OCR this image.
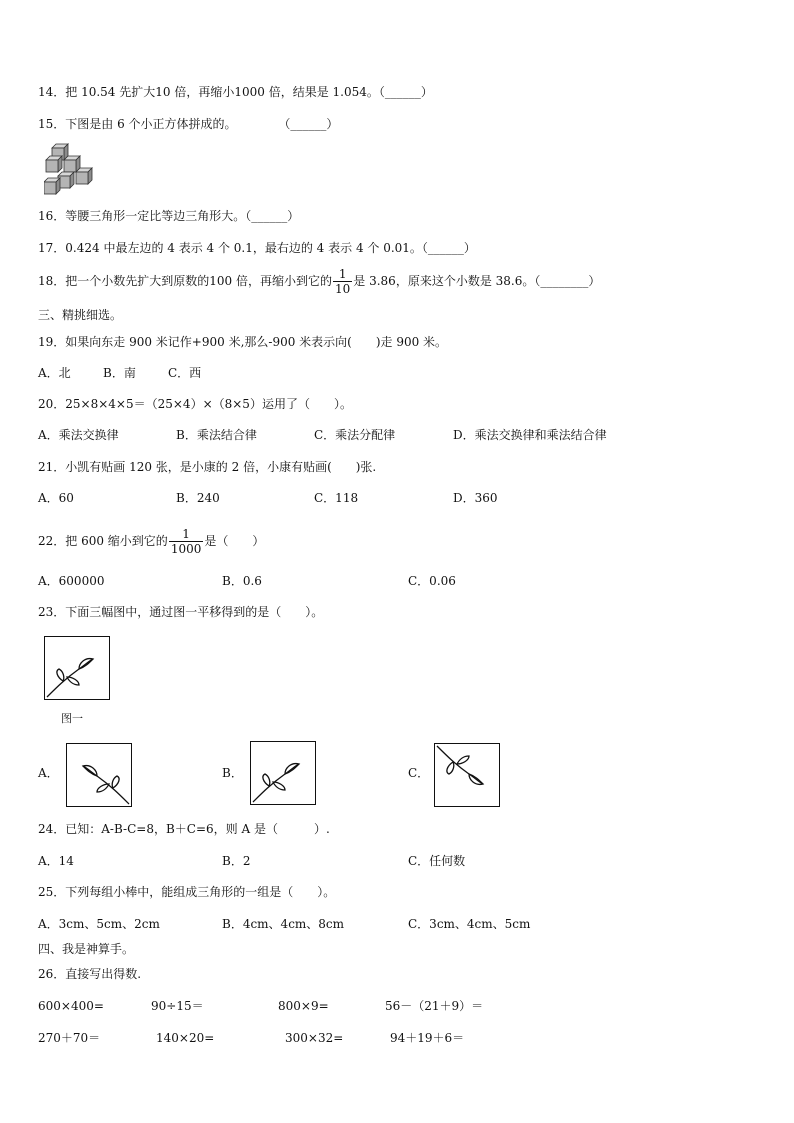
14．把 10.54 先扩大10 倍，再缩小1000 倍，结果是 1.054。（______）
15．下图是由 6 个小正方体拼成的。	（______）
16．等腰三角形一定比等边三角形大。（______）
17．0.424 中最左边的 4 表示 4 个 0.1，最右边的 4 表示 4 个 0.01。（______）
18．把一个小数先扩大到原数的100 倍，再缩小到它的 $\frac{1}{10}$ 是 3.86，原来这个小数是 38.6。（________）
三、精挑细选。
19．如果向东走 900 米记作+900 米,那么-900 米表示向(　　)走 900 米。
A．北	B．南	C．西
20．25×8×4×5＝（25×4）×（8×5）运用了（　　）。
A．乘法交换律	B．乘法结合律	C．乘法分配律	D．乘法交换律和乘法结合律
21．小凯有贴画 120 张，是小康的 2 倍，小康有贴画(　　)张.
A．60	B．240	C．118	D．360
22．把 600 缩小到它的 $\frac{1}{1000}$ 是（　　）
A．600000	B．0.6	C．0.06
23．下面三幅图中，通过图一平移得到的是（　　）。
图一
A．	B．	C．
24．已知：A-B-C=8，B＋C=6，则 A 是（　　　）.
A．14	B．2	C．任何数
25．下列每组小棒中，能组成三角形的一组是（　　）。
A．3cm、5cm、2cm	B．4cm、4cm、8cm	C．3cm、4cm、5cm
四、我是神算手。
26．直接写出得数.
600×400=	90÷15＝	800×9=	56－（21＋9）＝
270＋70＝	140×20=	300×32=	94＋19＋6＝
